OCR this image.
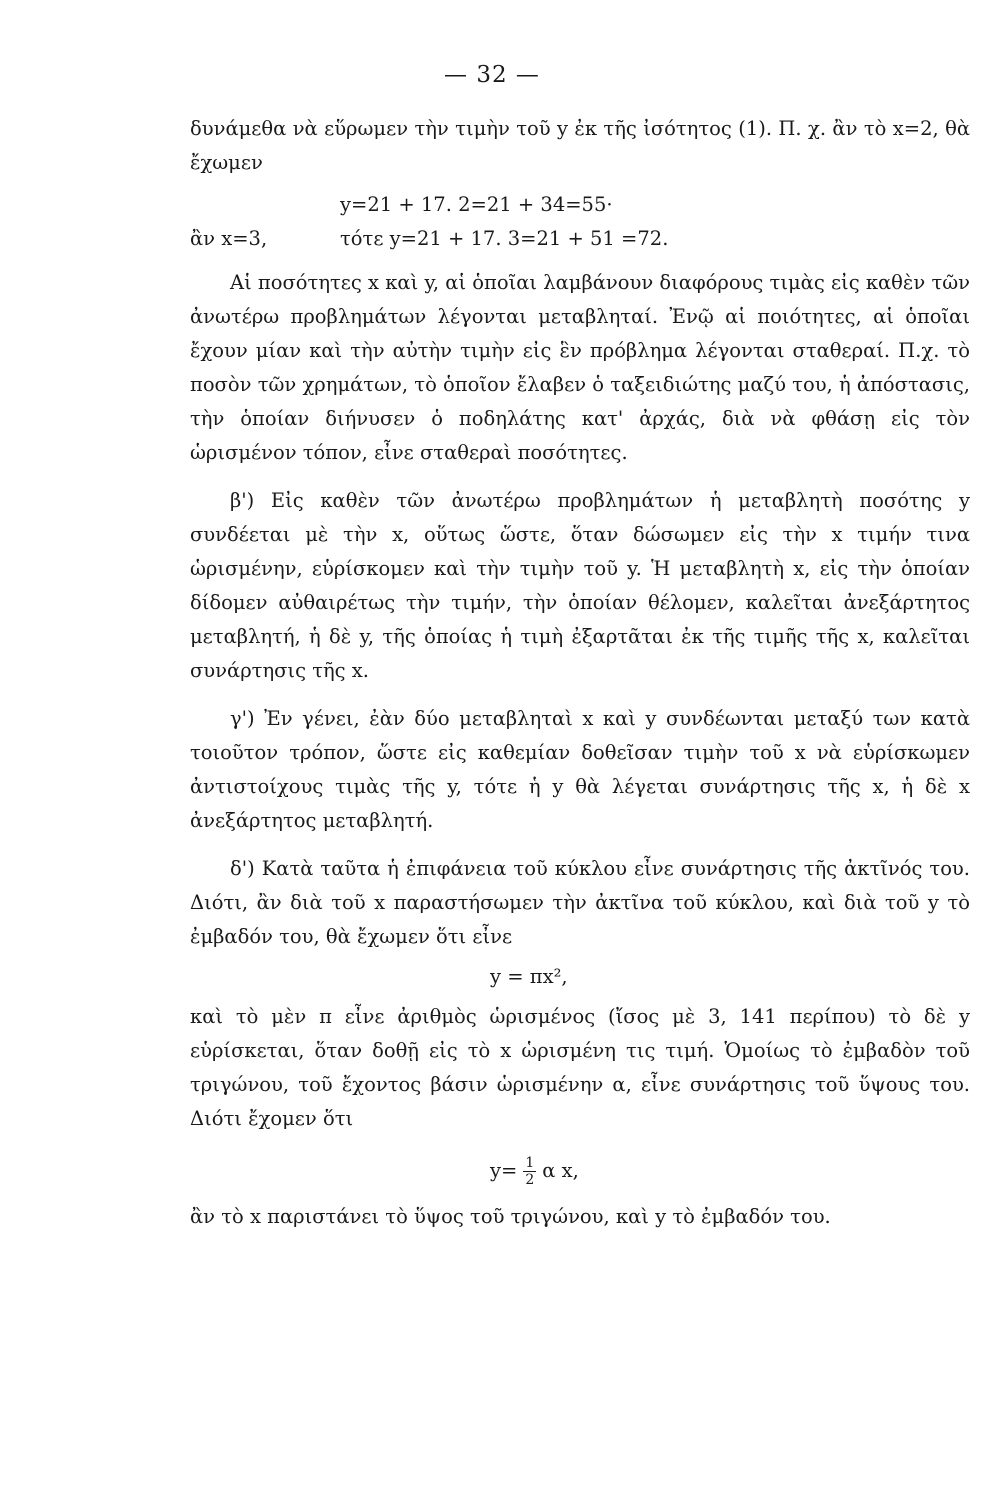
— 32 —

δυνάμεθα νὰ εὕρωμεν τὴν τιμὴν τοῦ y ἐκ τῆς ἰσότητος (1). Π. χ. ἂν τὸ x=2, θὰ ἔχωμεν

y=21 + 17. 2=21 + 34=55·

ἂν x=3,	τότε y=21 + 17. 3=21 + 51 =72.

Αἱ ποσότητες x καὶ y, αἱ ὁποῖαι λαμβάνουν διαφόρους τιμὰς εἰς καθὲν τῶν ἀνωτέρω προβλημάτων λέγονται μεταβληταί. Ἐνῷ αἱ ποιότητες, αἱ ὁποῖαι ἔχουν μίαν καὶ τὴν αὐτὴν τιμὴν εἰς ἓν πρόβλημα λέγονται σταθεραί. Π.χ. τὸ ποσὸν τῶν χρημάτων, τὸ ὁποῖον ἔλαβεν ὁ ταξειδιώτης μαζύ του, ἡ ἀπόστασις, τὴν ὁποίαν διήνυσεν ὁ ποδηλάτης κατ' ἀρχάς, διὰ νὰ φθάσῃ εἰς τὸν ὡρισμένον τόπον, εἶνε σταθεραὶ ποσότητες.

β') Εἰς καθὲν τῶν ἀνωτέρω προβλημάτων ἡ μεταβλητὴ ποσότης y συνδέεται μὲ τὴν x, οὕτως ὥστε, ὅταν δώσωμεν εἰς τὴν x τιμήν τινα ὡρισμένην, εὑρίσκομεν καὶ τὴν τιμὴν τοῦ y. Ἡ μεταβλητὴ x, εἰς τὴν ὁποίαν δίδομεν αὐθαιρέτως τὴν τιμήν, τὴν ὁποίαν θέλομεν, καλεῖται ἀνεξάρτητος μεταβλητή, ἡ δὲ y, τῆς ὁποίας ἡ τιμὴ ἐξαρτᾶται ἐκ τῆς τιμῆς τῆς x, καλεῖται συνάρτησις τῆς x.

γ') Ἐν γένει, ἐὰν δύο μεταβληταὶ x καὶ y συνδέωνται μεταξύ των κατὰ τοιοῦτον τρόπον, ὥστε εἰς καθεμίαν δοθεῖσαν τιμὴν τοῦ x νὰ εὑρίσκωμεν ἀντιστοίχους τιμὰς τῆς y, τότε ἡ y θὰ λέγεται συνάρτησις τῆς x, ἡ δὲ x ἀνεξάρτητος μεταβλητή.

δ') Κατὰ ταῦτα ἡ ἐπιφάνεια τοῦ κύκλου εἶνε συνάρτησις τῆς ἀκτῖνός του. Διότι, ἂν διὰ τοῦ x παραστήσωμεν τὴν ἀκτῖνα τοῦ κύκλου, καὶ διὰ τοῦ y τὸ ἐμβαδόν του, θὰ ἔχωμεν ὅτι εἶνε

y = πx²,

καὶ τὸ μὲν π εἶνε ἀριθμὸς ὡρισμένος (ἴσος μὲ 3, 141 περίπου) τὸ δὲ y εὑρίσκεται, ὅταν δοθῇ εἰς τὸ x ὡρισμένη τις τιμή. Ὁμοίως τὸ ἐμβαδὸν τοῦ τριγώνου, τοῦ ἔχοντος βάσιν ὡρισμένην α, εἶνε συνάρτησις τοῦ ὕψους του. Διότι ἔχομεν ὅτι

$y= \frac{1}{2}$ α x,

ἂν τὸ x παριστάνει τὸ ὕψος τοῦ τριγώνου, καὶ y τὸ ἐμβαδόν του.
